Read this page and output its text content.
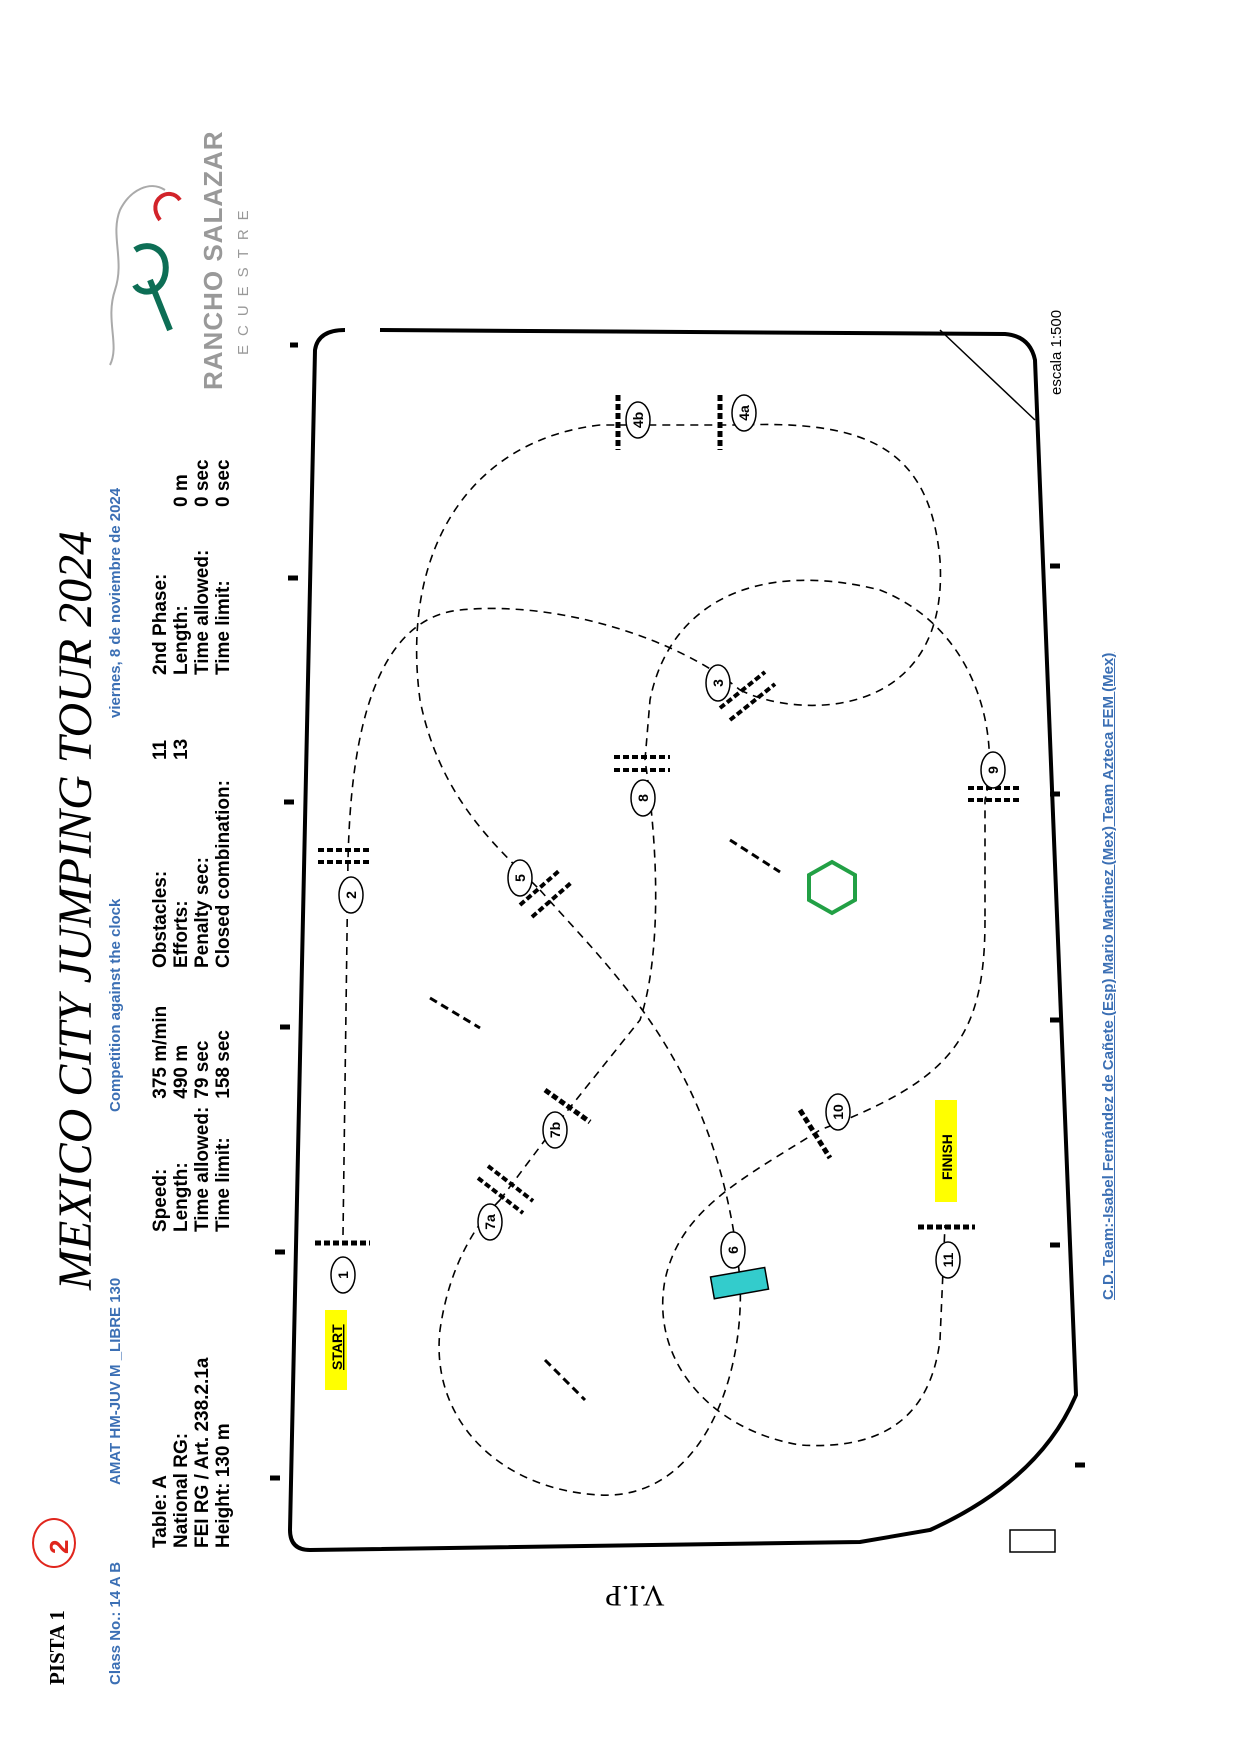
PISTA 1
2
Class No.: 14 A B
AMAT HM-JUV M _LIBRE 130
MEXICO CITY JUMPING TOUR 2024 Competition against the clock
viernes, 8 de noviembre de 2024
Table: A
National RG:
FEI RG / Art. 238.2.1a
Height: 130 m
Speed:	375 m/min
Length:	490 m
Time allowed:	79 sec
Time limit:	158 sec
Obstacles:	11
Efforts:	13
Penalty sec:	
Closed combination:	
2nd Phase:	
Length:	0 m
Time allowed:	0 sec
Time limit:	0 sec
RANCHO SALAZAR ECUESTRE
1
2
3
4a
4b
5
6
7a
7b
8
9
10
11
START
FINISH
escala 1:500
V.I.P
C.D. Team:-Isabel Fernández de Cañete (Esp) Mario Martinez (Mex) Team Azteca FEM (Mex)
